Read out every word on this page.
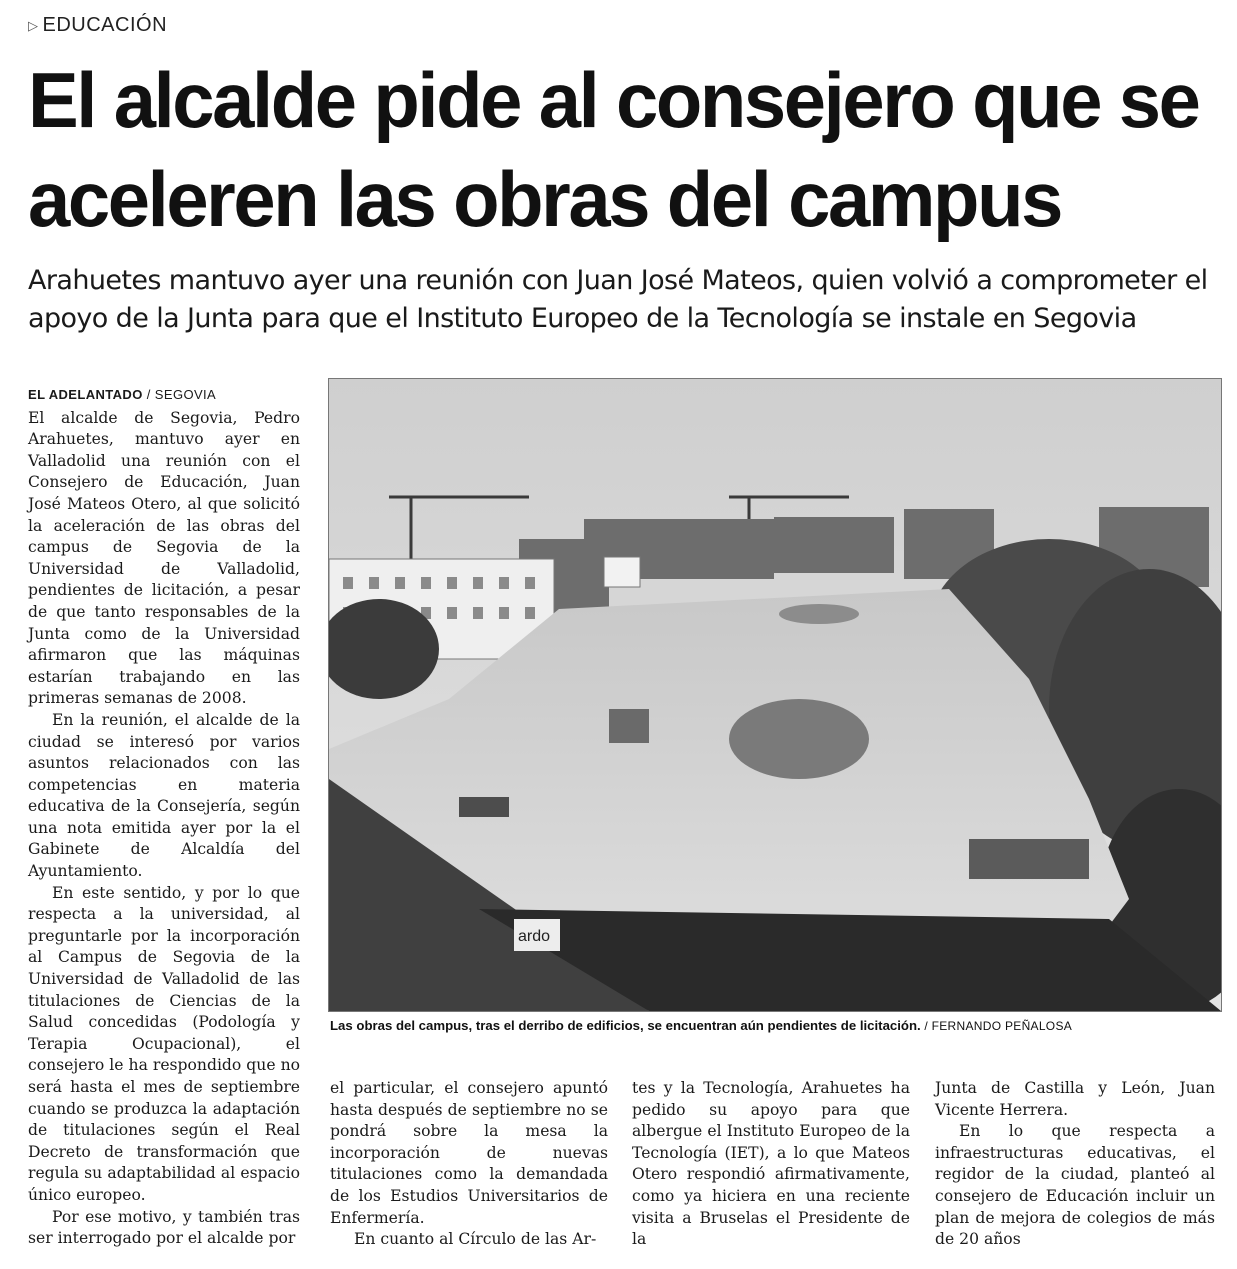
▷ EDUCACIÓN
El alcalde pide al consejero que se aceleren las obras del campus

Arahuetes mantuvo ayer una reunión con Juan José Mateos, quien volvió a comprometer el apoyo de la Junta para que el Instituto Europeo de la Tecnología se instale en Segovia

EL ADELANTADO / SEGOVIA

El alcalde de Segovia, Pedro Arahuetes, mantuvo ayer en Valladolid una reunión con el Consejero de Educación, Juan José Mateos Otero, al que solicitó la aceleración de las obras del campus de Segovia de la Universidad de Valladolid, pendientes de licitación, a pesar de que tanto responsables de la Junta como de la Universidad afirmaron que las máquinas estarían trabajando en las primeras semanas de 2008.

En la reunión, el alcalde de la ciudad se interesó por varios asuntos relacionados con las competencias en materia educativa de la Consejería, según una nota emitida ayer por la el Gabinete de Alcaldía del Ayuntamiento.

En este sentido, y por lo que respecta a la universidad, al preguntarle por la incorporación al Campus de Segovia de la Universidad de Valladolid de las titulaciones de Ciencias de la Salud concedidas (Podología y Terapia Ocupacional), el consejero le ha respondido que no será hasta el mes de septiembre cuando se produzca la adaptación de titulaciones según el Real Decreto de transformación que regula su adaptabilidad al espacio único europeo.

Por ese motivo, y también tras ser interrogado por el alcalde por

ardo
Las obras del campus, tras el derribo de edificios, se encuentran aún pendientes de licitación. / FERNANDO PEÑALOSA

el particular, el consejero apuntó hasta después de septiembre no se pondrá sobre la mesa la incorporación de nuevas titulaciones como la demandada de los Estudios Universitarios de Enfermería.

En cuanto al Círculo de las Ar-

tes y la Tecnología, Arahuetes ha pedido su apoyo para que albergue el Instituto Europeo de la Tecnología (IET), a lo que Mateos Otero respondió afirmativamente, como ya hiciera en una reciente visita a Bruselas el Presidente de la

Junta de Castilla y León, Juan Vicente Herrera.

En lo que respecta a infraestructuras educativas, el regidor de la ciudad, planteó al consejero de Educación incluir un plan de mejora de colegios de más de 20 años
